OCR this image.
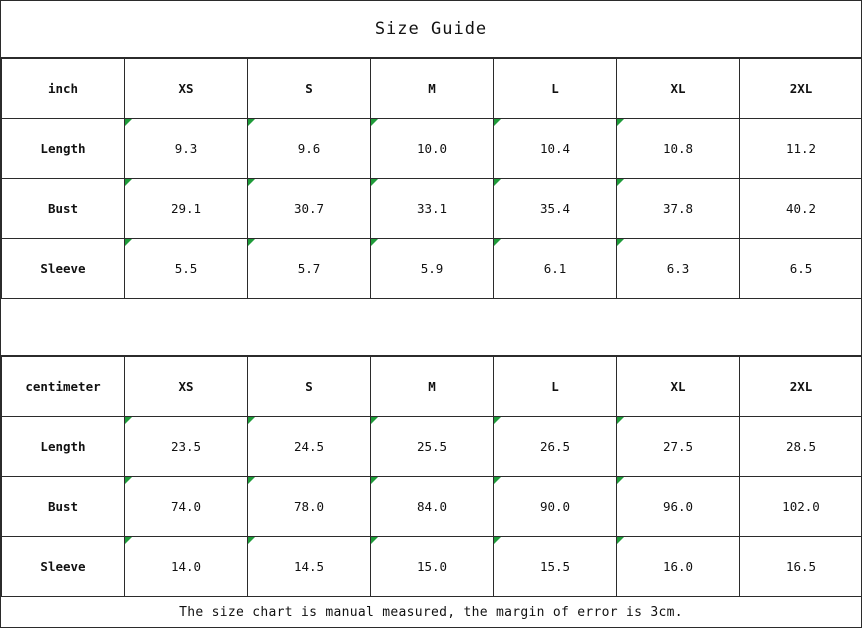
Size Guide
inch	XS	S	M	L	XL	2XL
Length	9.3	9.6	10.0	10.4	10.8	11.2
Bust	29.1	30.7	33.1	35.4	37.8	40.2
Sleeve	5.5	5.7	5.9	6.1	6.3	6.5
centimeter	XS	S	M	L	XL	2XL
Length	23.5	24.5	25.5	26.5	27.5	28.5
Bust	74.0	78.0	84.0	90.0	96.0	102.0
Sleeve	14.0	14.5	15.0	15.5	16.0	16.5
The size chart is manual measured, the margin of error is 3cm.
